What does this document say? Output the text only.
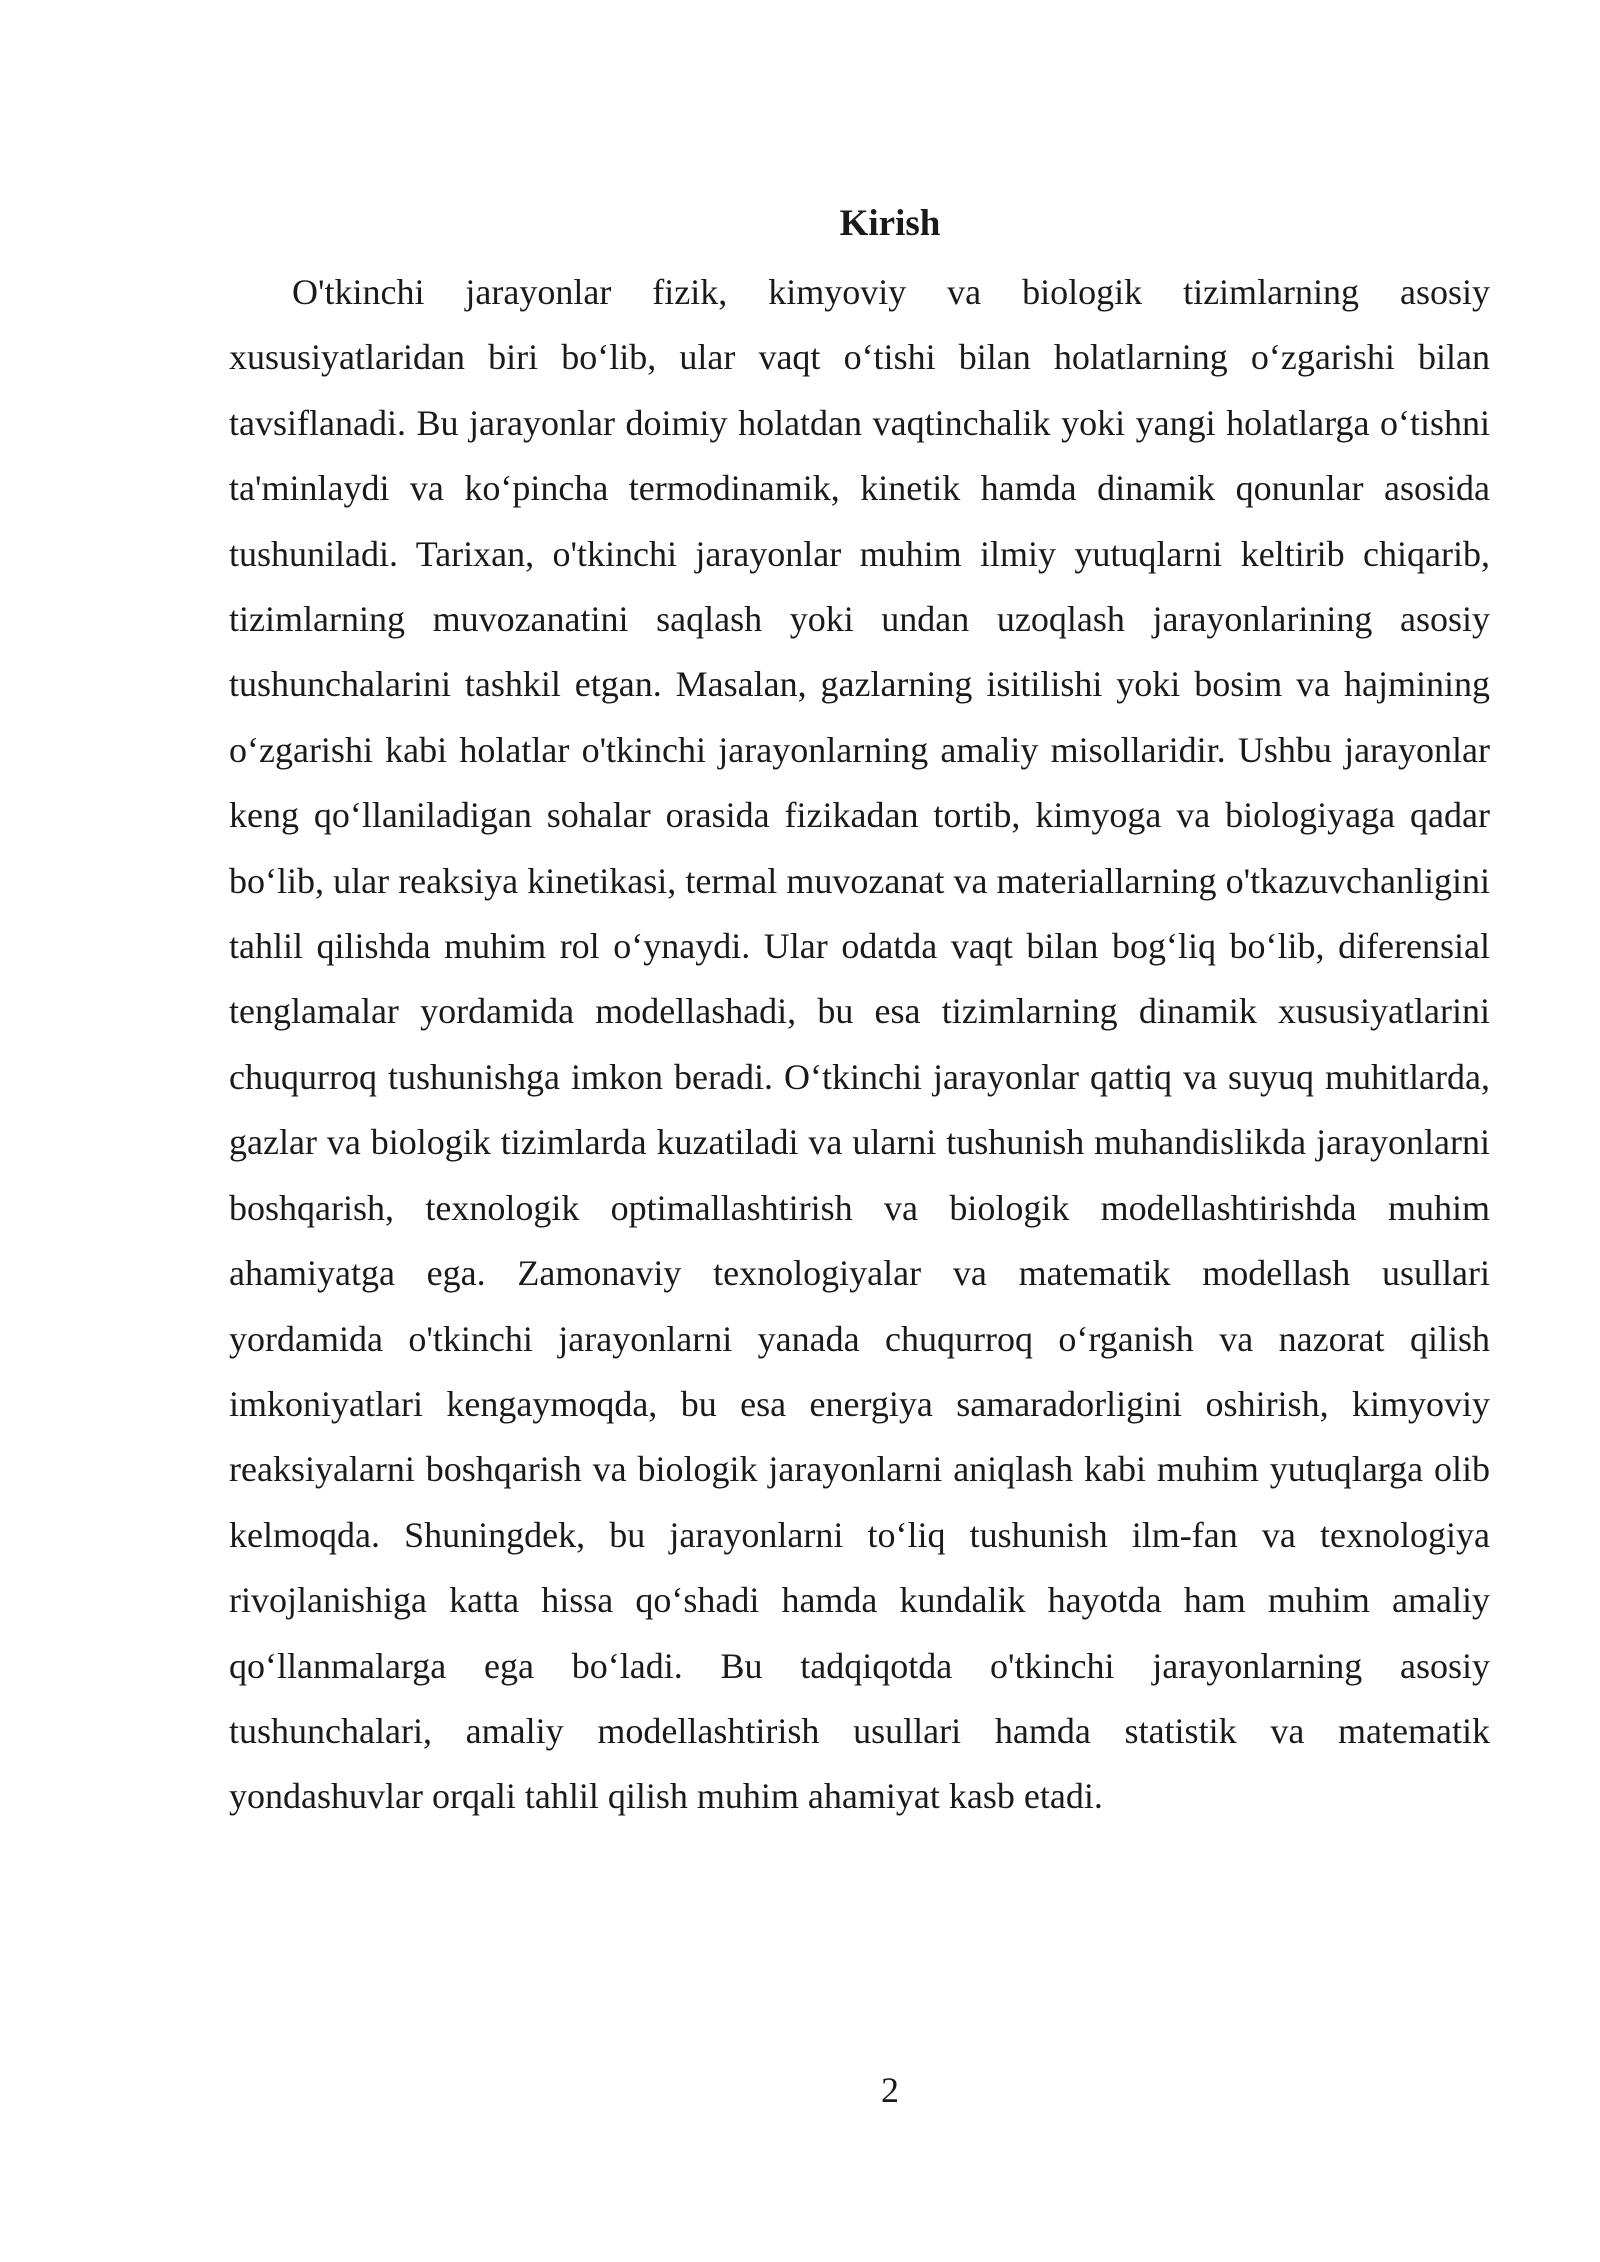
Kirish

O'tkinchi jarayonlar fizik, kimyoviy va biologik tizimlarning asosiy xususiyatlaridan biri bo‘lib, ular vaqt o‘tishi bilan holatlarning o‘zgarishi bilan tavsiflanadi. Bu jarayonlar doimiy holatdan vaqtinchalik yoki yangi holatlarga o‘tishni ta'minlaydi va ko‘pincha termodinamik, kinetik hamda dinamik qonunlar asosida tushuniladi. Tarixan, o'tkinchi jarayonlar muhim ilmiy yutuqlarni keltirib chiqarib, tizimlarning muvozanatini saqlash yoki undan uzoqlash jarayonlarining asosiy tushunchalarini tashkil etgan. Masalan, gazlarning isitilishi yoki bosim va hajmining o‘zgarishi kabi holatlar o'tkinchi jarayonlarning amaliy misollaridir. Ushbu jarayonlar keng qo‘llaniladigan sohalar orasida fizikadan tortib, kimyoga va biologiyaga qadar bo‘lib, ular reaksiya kinetikasi, termal muvozanat va materiallarning o'tkazuvchanligini tahlil qilishda muhim rol o‘ynaydi. Ular odatda vaqt bilan bog‘liq bo‘lib, diferensial tenglamalar yordamida modellashadi, bu esa tizimlarning dinamik xususiyatlarini chuqurroq tushunishga imkon beradi. O‘tkinchi jarayonlar qattiq va suyuq muhitlarda, gazlar va biologik tizimlarda kuzatiladi va ularni tushunish muhandislikda jarayonlarni boshqarish, texnologik optimallashtirish va biologik modellashtirishda muhim ahamiyatga ega. Zamonaviy texnologiyalar va matematik modellash usullari yordamida o'tkinchi jarayonlarni yanada chuqurroq o‘rganish va nazorat qilish imkoniyatlari kengaymoqda, bu esa energiya samaradorligini oshirish, kimyoviy reaksiyalarni boshqarish va biologik jarayonlarni aniqlash kabi muhim yutuqlarga olib kelmoqda. Shuningdek, bu jarayonlarni to‘liq tushunish ilm-fan va texnologiya rivojlanishiga katta hissa qo‘shadi hamda kundalik hayotda ham muhim amaliy qo‘llanmalarga ega bo‘ladi. Bu tadqiqotda o'tkinchi jarayonlarning asosiy tushunchalari, amaliy modellashtirish usullari hamda statistik va matematik yondashuvlar orqali tahlil qilish muhim ahamiyat kasb etadi.

2
